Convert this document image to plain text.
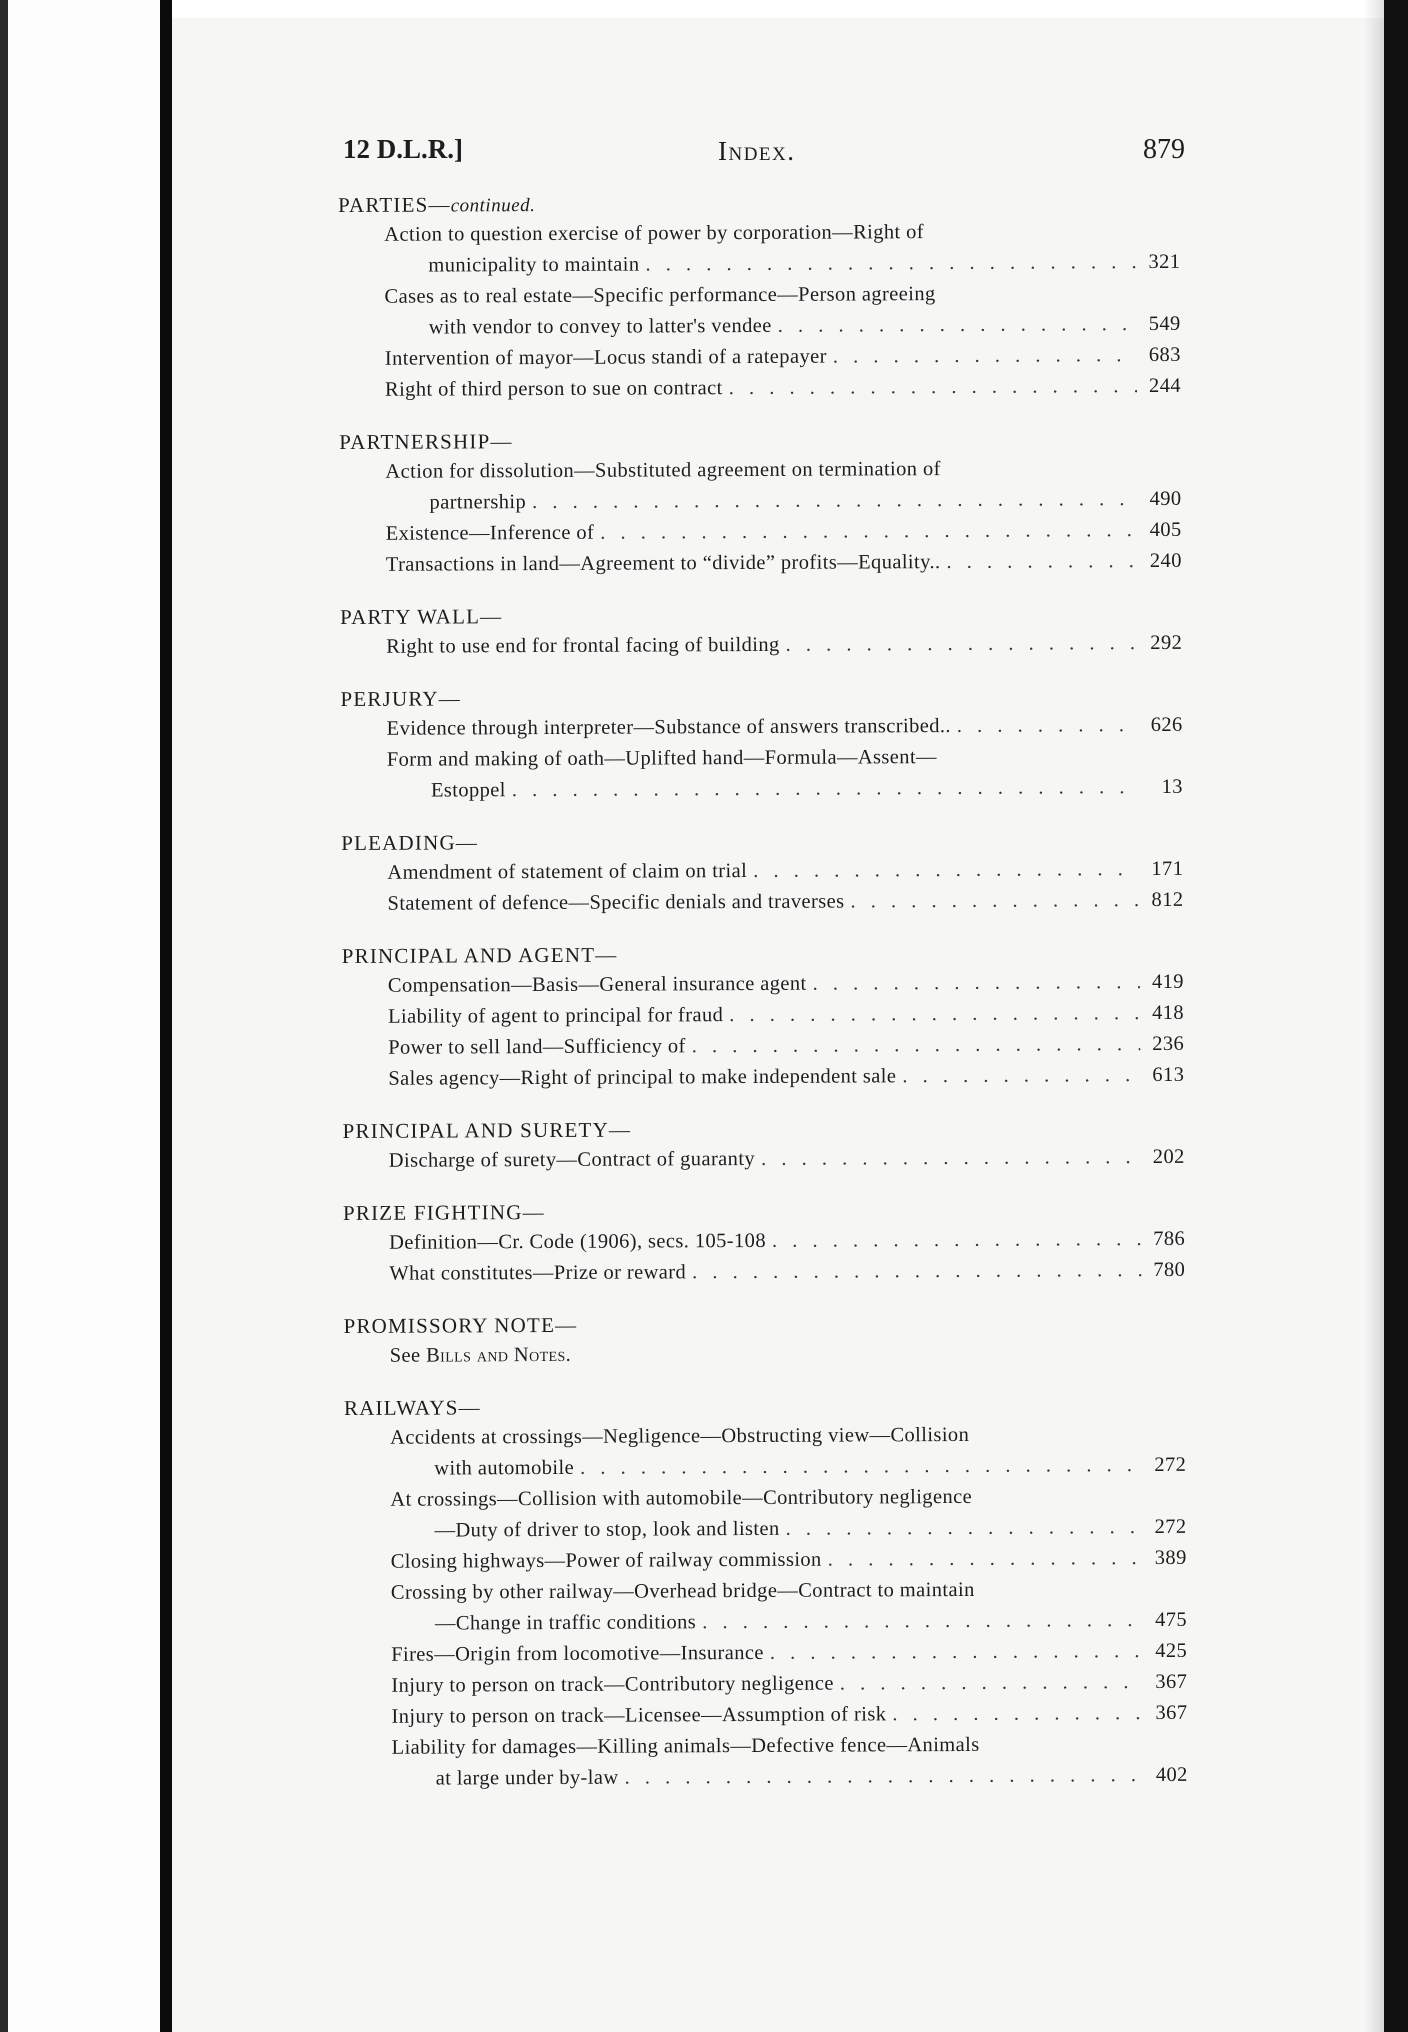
12 D.L.R.]	Index.	879
PARTIES—continued.
Action to question exercise of power by corporation—Right of
municipality to maintain . . .	321
Cases as to real estate—Specific performance—Person agreeing
with vendor to convey to latter's vendee . . .	549
Intervention of mayor—Locus standi of a ratepayer . . .	683
Right of third person to sue on contract . . .	244
PARTNERSHIP—
Action for dissolution—Substituted agreement on termination of
partnership . . .	490
Existence—Inference of . . .	405
Transactions in land—Agreement to “divide” profits—Equality.. . . .	240
PARTY WALL—
Right to use end for frontal facing of building . . .	292
PERJURY—
Evidence through interpreter—Substance of answers transcribed.. . . .	626
Form and making of oath—Uplifted hand—Formula—Assent—
Estoppel . . .	13
PLEADING—
Amendment of statement of claim on trial . . .	171
Statement of defence—Specific denials and traverses . . .	812
PRINCIPAL AND AGENT—
Compensation—Basis—General insurance agent . . .	419
Liability of agent to principal for fraud . . .	418
Power to sell land—Sufficiency of . . .	236
Sales agency—Right of principal to make independent sale . . .	613
PRINCIPAL AND SURETY—
Discharge of surety—Contract of guaranty . . .	202
PRIZE FIGHTING—
Definition—Cr. Code (1906), secs. 105-108 . . .	786
What constitutes—Prize or reward . . .	780
PROMISSORY NOTE—
See Bills and Notes.
RAILWAYS—
Accidents at crossings—Negligence—Obstructing view—Collision
with automobile . . .	272
At crossings—Collision with automobile—Contributory negligence
—Duty of driver to stop, look and listen . . .	272
Closing highways—Power of railway commission . . .	389
Crossing by other railway—Overhead bridge—Contract to maintain
—Change in traffic conditions . . .	475
Fires—Origin from locomotive—Insurance . . .	425
Injury to person on track—Contributory negligence . . .	367
Injury to person on track—Licensee—Assumption of risk . . .	367
Liability for damages—Killing animals—Defective fence—Animals
at large under by-law . . .	402
